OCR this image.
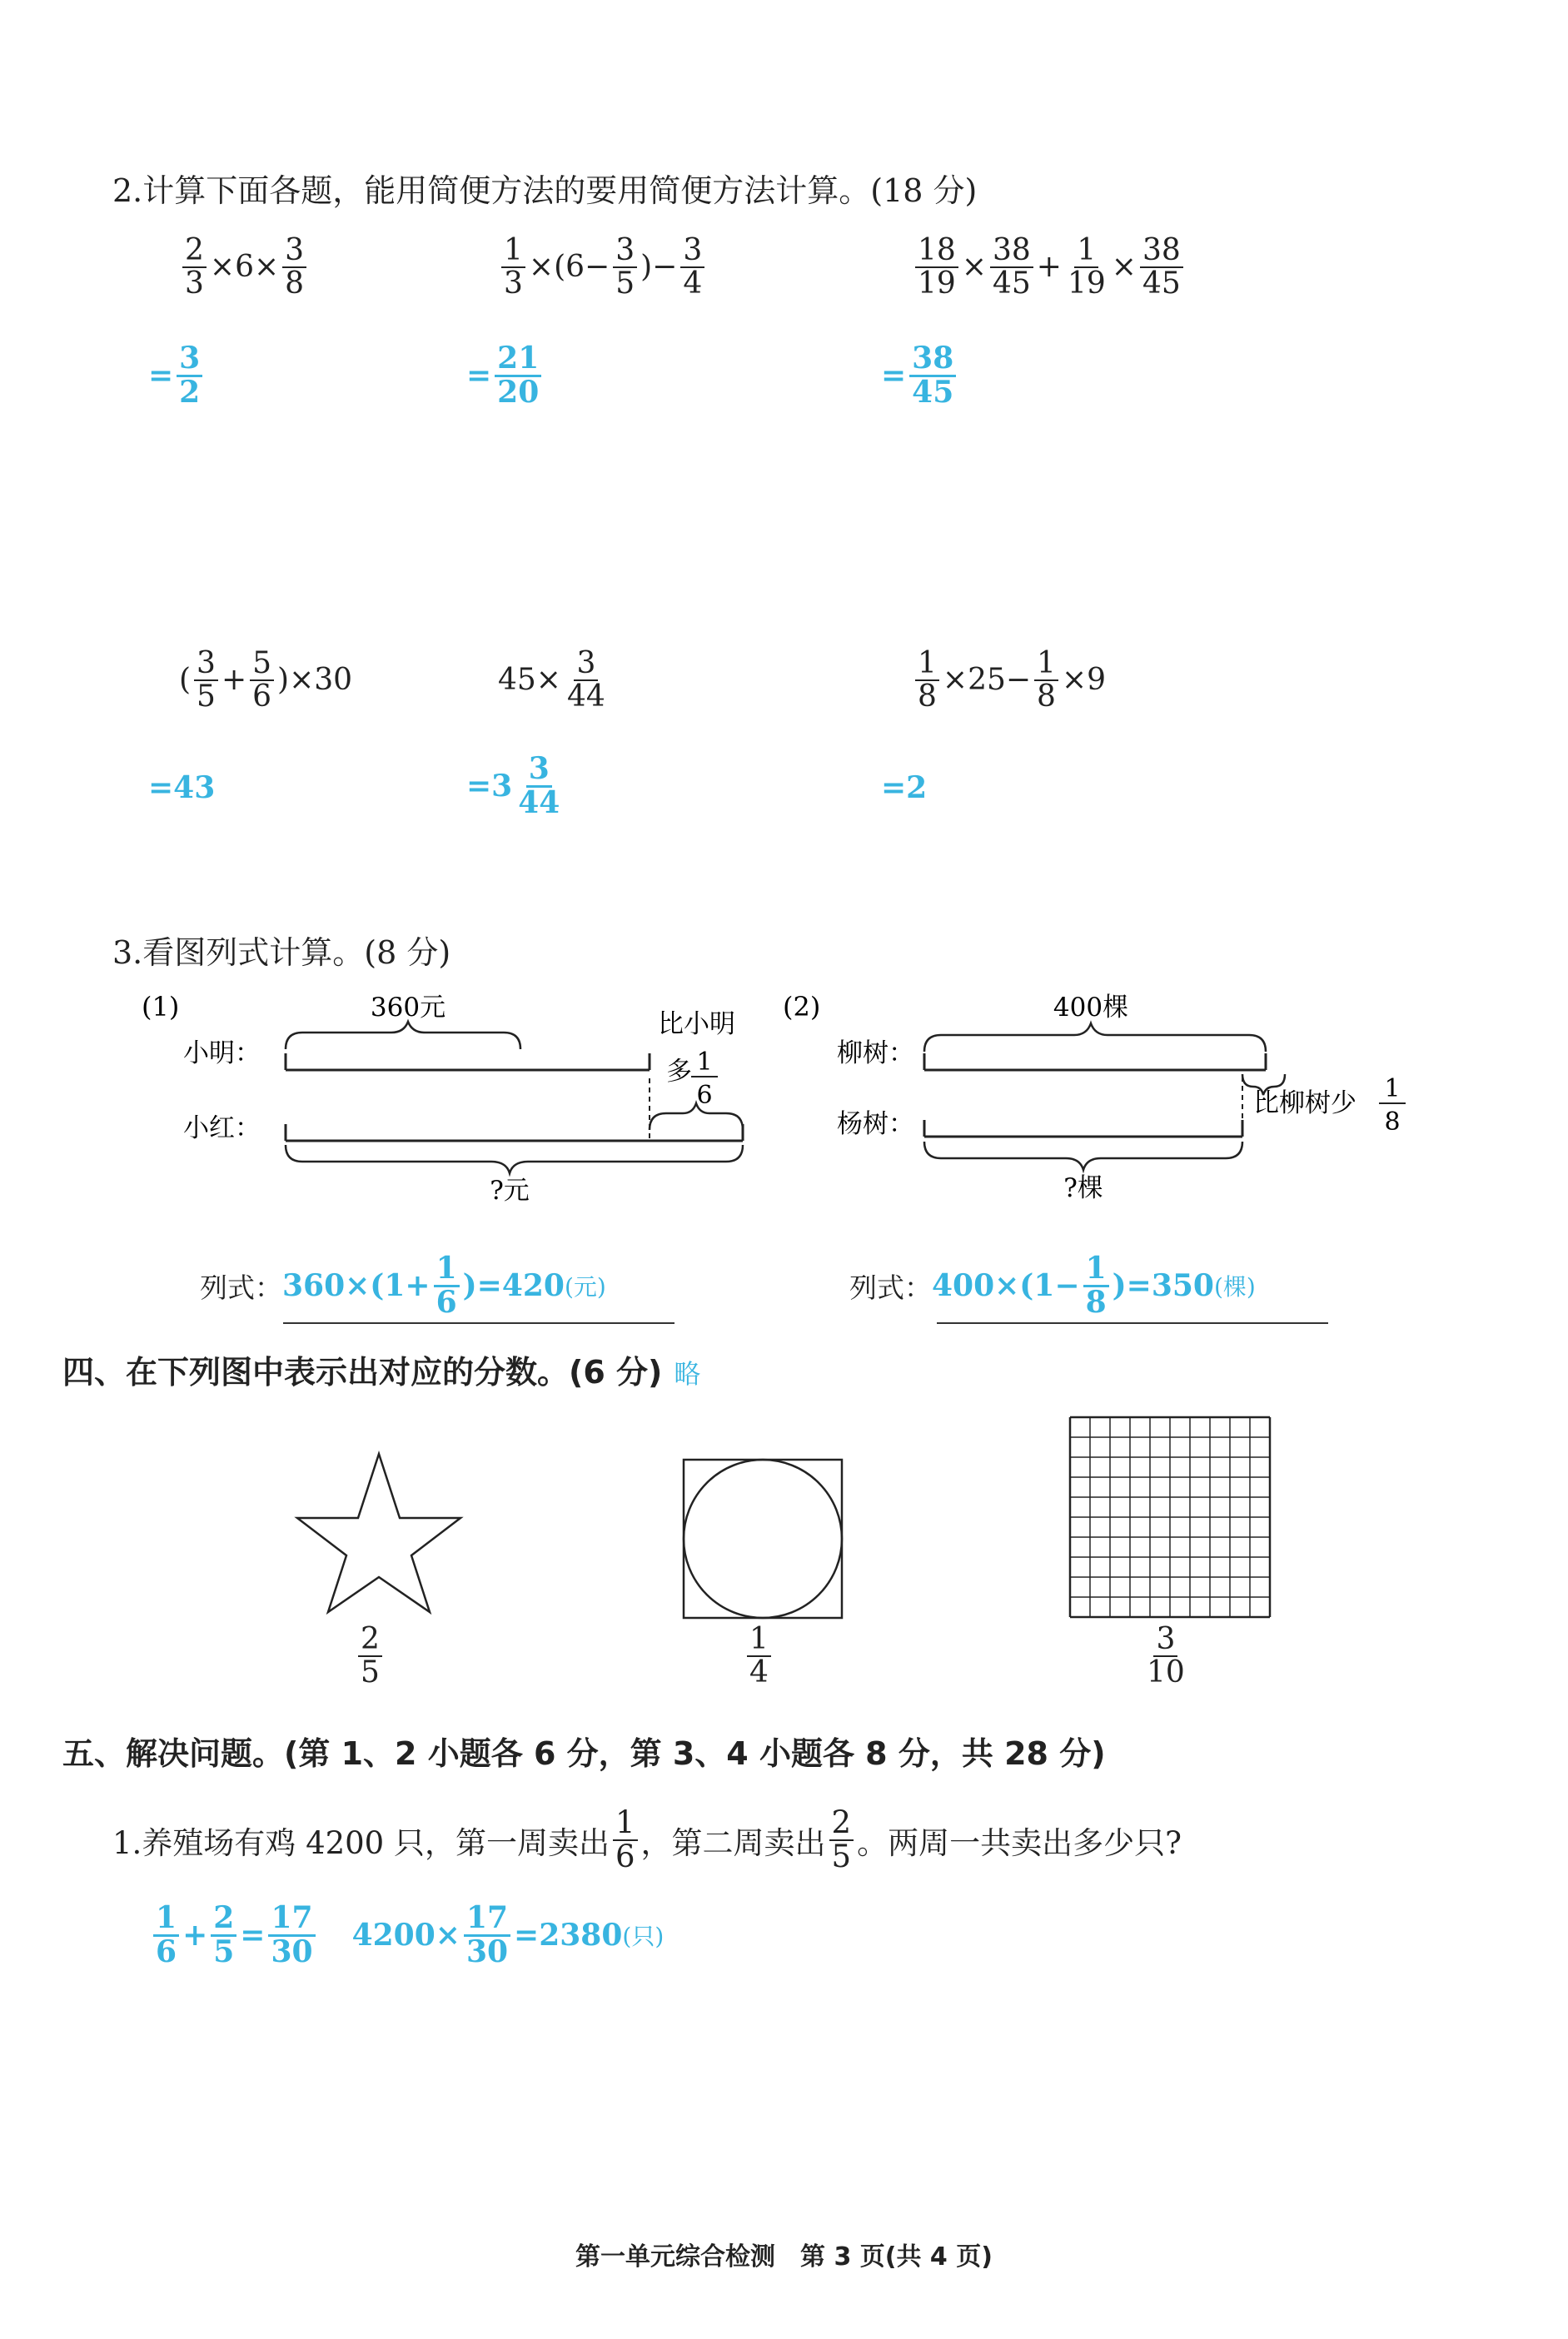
2.计算下面各题，能用简便方法的要用简便方法计算。(18 分)
$\frac{2}{3} \times 6\times \frac{3}{8}$	$\frac{1}{3} \times(6- \frac{3}{5}$ )− $\frac{3}{4}$	$\frac{18}{19} \times \frac{38}{45} + \frac{1}{19} \times \frac{38}{45}$
= $\frac{3}{2}$	= $\frac{21}{20}$	= $\frac{38}{45}$
( $\frac{3}{5} + \frac{5}{6} )\times 30$	$45\times \frac{3}{44}$	$\frac{1}{8} \times 25- \frac{1}{8} \times 9$
=43	$=3 \frac{3}{44}$	=2
3.看图列式计算。(8 分)
(1)	360元
小明：
比小明
多 1
6
小红：
?元
(2)	400棵
柳树：
比柳树少 1
8
杨树：
?棵
列式： $360\times(1+ \frac{1}{6} )=420$ (元)	列式： $400\times(1- \frac{1}{8} )=350$ (棵)
四、在下列图中表示出对应的分数。(6 分) 略
$\frac{2}{5}$	$\frac{1}{4}$	$\frac{3}{10}$
五、解决问题。(第 1、2 小题各 6 分，第 3、4 小题各 8 分，共 28 分)
1.养殖场有鸡 4200 只，第一周卖出 $\frac{1}{6}$ ，第二周卖出 $\frac{2}{5}$ 。两周一共卖出多少只?
$\frac{1}{6} + \frac{2}{5} = \frac{17}{30} 4200\times \frac{17}{30} =2380$ (只)
第一单元综合检测　第 3 页(共 4 页)
